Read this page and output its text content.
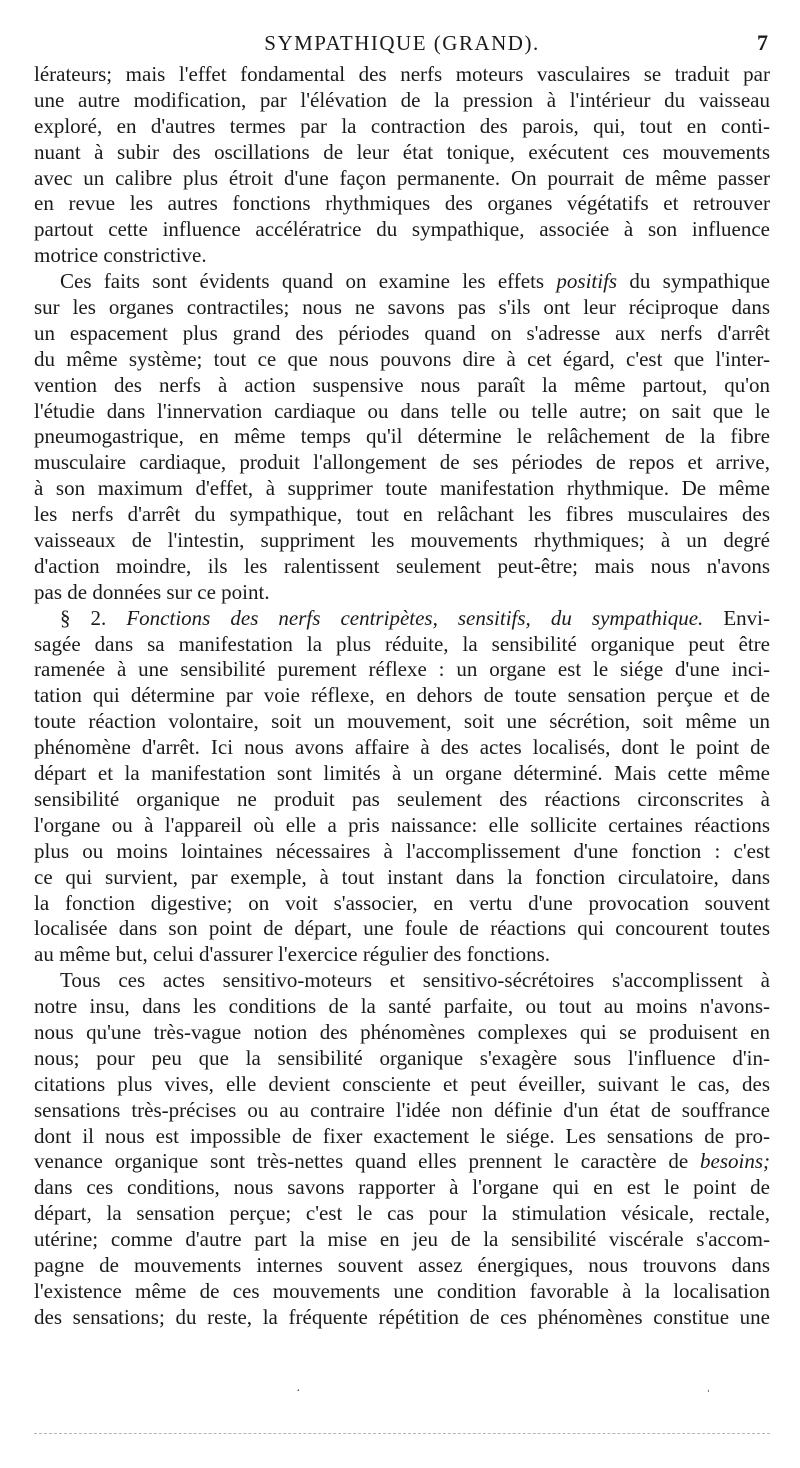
SYMPATHIQUE (GRAND).	7
lérateurs; mais l'effet fondamental des nerfs moteurs vasculaires se traduit par
une autre modification, par l'élévation de la pression à l'intérieur du vaisseau
exploré, en d'autres termes par la contraction des parois, qui, tout en conti-
nuant à subir des oscillations de leur état tonique, exécutent ces mouvements
avec un calibre plus étroit d'une façon permanente. On pourrait de même passer
en revue les autres fonctions rhythmiques des organes végétatifs et retrouver
partout cette influence accélératrice du sympathique, associée à son influence
motrice constrictive.
Ces faits sont évidents quand on examine les effets positifs du sympathique
sur les organes contractiles; nous ne savons pas s'ils ont leur réciproque dans
un espacement plus grand des périodes quand on s'adresse aux nerfs d'arrêt
du même système; tout ce que nous pouvons dire à cet égard, c'est que l'inter-
vention des nerfs à action suspensive nous paraît la même partout, qu'on
l'étudie dans l'innervation cardiaque ou dans telle ou telle autre; on sait que le
pneumogastrique, en même temps qu'il détermine le relâchement de la fibre
musculaire cardiaque, produit l'allongement de ses périodes de repos et arrive,
à son maximum d'effet, à supprimer toute manifestation rhythmique. De même
les nerfs d'arrêt du sympathique, tout en relâchant les fibres musculaires des
vaisseaux de l'intestin, suppriment les mouvements rhythmiques; à un degré
d'action moindre, ils les ralentissent seulement peut-être; mais nous n'avons
pas de données sur ce point.
§ 2. Fonctions des nerfs centripètes, sensitifs, du sympathique. Envi-
sagée dans sa manifestation la plus réduite, la sensibilité organique peut être
ramenée à une sensibilité purement réflexe : un organe est le siége d'une inci-
tation qui détermine par voie réflexe, en dehors de toute sensation perçue et de
toute réaction volontaire, soit un mouvement, soit une sécrétion, soit même un
phénomène d'arrêt. Ici nous avons affaire à des actes localisés, dont le point de
départ et la manifestation sont limités à un organe déterminé. Mais cette même
sensibilité organique ne produit pas seulement des réactions circonscrites à
l'organe ou à l'appareil où elle a pris naissance: elle sollicite certaines réactions
plus ou moins lointaines nécessaires à l'accomplissement d'une fonction : c'est
ce qui survient, par exemple, à tout instant dans la fonction circulatoire, dans
la fonction digestive; on voit s'associer, en vertu d'une provocation souvent
localisée dans son point de départ, une foule de réactions qui concourent toutes
au même but, celui d'assurer l'exercice régulier des fonctions.
Tous ces actes sensitivo-moteurs et sensitivo-sécrétoires s'accomplissent à
notre insu, dans les conditions de la santé parfaite, ou tout au moins n'avons-
nous qu'une très-vague notion des phénomènes complexes qui se produisent en
nous; pour peu que la sensibilité organique s'exagère sous l'influence d'in-
citations plus vives, elle devient consciente et peut éveiller, suivant le cas, des
sensations très-précises ou au contraire l'idée non définie d'un état de souffrance
dont il nous est impossible de fixer exactement le siége. Les sensations de pro-
venance organique sont très-nettes quand elles prennent le caractère de besoins;
dans ces conditions, nous savons rapporter à l'organe qui en est le point de
départ, la sensation perçue; c'est le cas pour la stimulation vésicale, rectale,
utérine; comme d'autre part la mise en jeu de la sensibilité viscérale s'accom-
pagne de mouvements internes souvent assez énergiques, nous trouvons dans
l'existence même de ces mouvements une condition favorable à la localisation
des sensations; du reste, la fréquente répétition de ces phénomènes constitue une
·	ˌ
